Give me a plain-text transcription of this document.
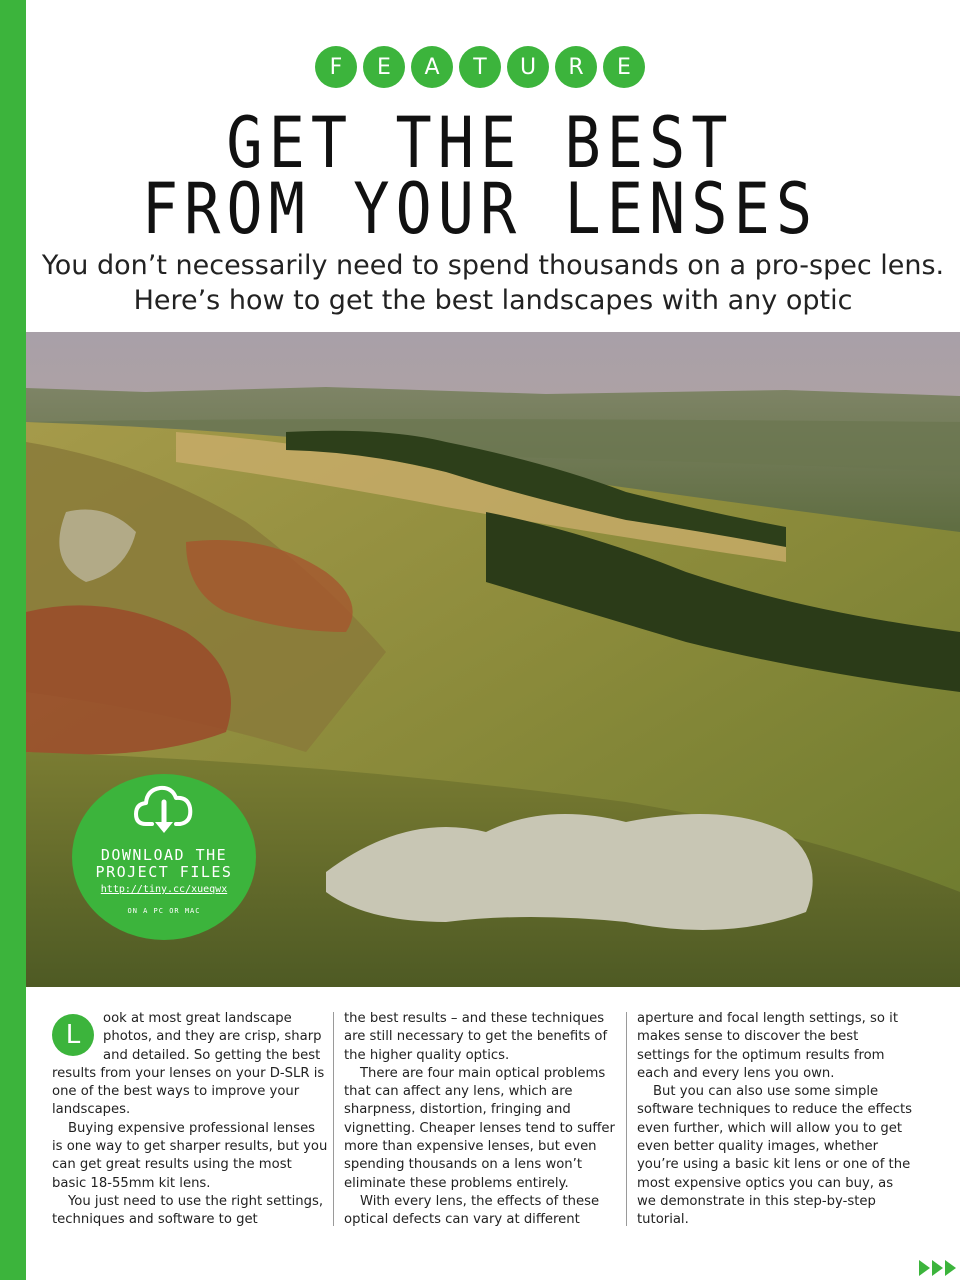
F	E	A	T	U	R	E
GET THE BEST
FROM YOUR LENSES

You don’t necessarily need to spend thousands on a pro-spec lens. Here’s how to get the best landscapes with any optic

DOWNLOAD THE
PROJECT FILES
http://tiny.cc/xueqwx
ON A PC OR MAC
L

ook at most great landscape photos, and they are crisp, sharp and detailed. So getting the best results from your lenses on your D-SLR is one of the best ways to improve your landscapes.

Buying expensive professional lenses is one way to get sharper results, but you can get great results using the most basic 18-55mm kit lens.

You just need to use the right settings, techniques and software to get

the best results – and these techniques are still necessary to get the benefits of the higher quality optics.

There are four main optical problems that can affect any lens, which are sharpness, distortion, fringing and vignetting. Cheaper lenses tend to suffer more than expensive lenses, but even spending thousands on a lens won’t eliminate these problems entirely.

With every lens, the effects of these optical defects can vary at different

aperture and focal length settings, so it makes sense to discover the best settings for the optimum results from each and every lens you own.

But you can also use some simple software techniques to reduce the effects even further, which will allow you to get even better quality images, whether you’re using a basic kit lens or one of the most expensive optics you can buy, as we demonstrate in this step-by-step tutorial.
